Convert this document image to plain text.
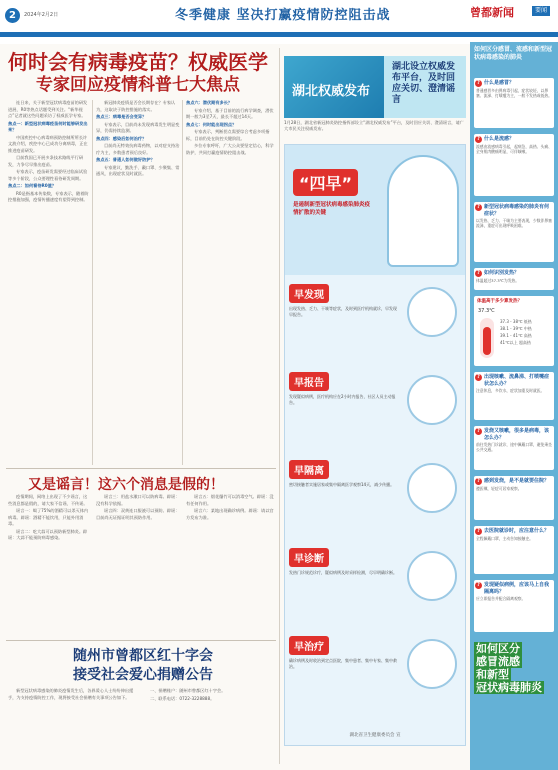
2	2024年2月2日	冬季健康 坚决打赢疫情防控阻击战	曾都新闻	要闻
何时会有病毒疫苗？权威医学
专家回应疫情科普七大焦点

连日来，关于新型冠状病毒疫苗的研发进展、R0等热点话题受到关注。“新华视点”记者就这些问题采访了权威医学专家。

焦点一：新型冠状病毒疫苗何时能够研发出来？

中国疾控中心病毒病预防控制所所长许文波介绍，疾控中心已成功分离病毒，正在推进疫苗研发。

目前我国已开展多条技术路线平行研发，力争尽早推出疫苗。

专家表示，疫苗研发需要经过临床试验等多个阶段，公众要理性看待研发周期。

焦点二：如何看待R0值？

R0是指基本传染数，专家表示，随着防控措施加强，疫情传播速度有望得到控制。

新冠肺炎疫情是否会长期存在？专家认为，这取决于防控措施的落实。

焦点三：病毒是否会变异？

专家表示，目前尚未发现病毒发生明显变异，仍需持续监测。

焦点四：感染后如何治疗？

目前尚无特效抗病毒药物，以对症支持治疗为主，多数患者预后良好。

焦点五：普通人如何做好防护？

专家建议，勤洗手、戴口罩、少聚集、常通风，出现症状及时就医。

焦点六：潜伏期有多长？

专家介绍，基于目前的流行病学调查，潜伏期一般为3至7天，最长不超过14天。

焦点七：何时能出现拐点？

专家表示，判断拐点需要综合考虑多项指标，目前仍处在防控关键阶段。

多位专家呼吁，广大公众要坚定信心，科学防护，共同打赢疫情防控阻击战。

又是谣言！这六个消息是假的！

疫情期间，网络上出现了不少谣言，这些消息都是假的，请大家不信谣、不传谣。

谣言一：喝了75%的酒精可以杀灭体内病毒。辟谣：酒精不能饮用，只能外用消毒。

谣言二：吃大蒜可以预防新型肺炎。辟谣：大蒜不能预防病毒感染。

谣言三：用盐水漱口可以防病毒。辟谣：没有科学依据。

谣言四：双黄连口服液可以预防。辟谣：目前尚无证据证明其预防作用。

谣言五：烟花爆竹可以消毒空气。辟谣：没有任何作用。

谣言六：某地出现确诊病例。辟谣：请以官方发布为准。

随州市曾都区红十字会
接受社会爱心捐赠公告

新型冠状病毒感染的肺炎疫情发生后，各界爱心人士纷纷伸出援手，为支持疫情防控工作，现将接受社会捐赠有关事项公告如下。

一、捐赠账户：随州市曾都区红十字会。

二、联系电话：0722-3228888。

湖北权威发布
湖北设立权威发布平台，及时回应关切、澄清谣言
1月28日，湖北省新冠肺炎防控指挥部设立“湖北权威发布”平台，及时回应关切、澄清谣言，请广大市民关注权威发布。
“四早”
是遏制新型冠状病毒感染肺炎疫情扩散的关键
早发现
出现发热、乏力、干咳等症状，及时到医疗机构就诊，早发现早报告。
早报告
发现疑似病例，医疗机构应在2小时内报告，社区人员主动报告。
早隔离
密切接触者实施居家或集中隔离医学观察14天，减少传播。
早诊断
发热门诊规范诊疗，疑似病例及时采样检测，尽早明确诊断。
早治疗
确诊病例及时收治到定点医院，集中患者、集中专家、集中救治。
湖北省卫生健康委员会 宣
如何区分感冒、流感和新型冠状病毒感染的肺炎
? 什么是感冒？
普通感冒多由鼻病毒引起，症状较轻，以鼻塞、流涕、打喷嚏为主，一般不发热或低热。
? 什么是流感？
流感由流感病毒引起，起病急，高热、头痛、全身肌肉酸痛明显，可伴咳嗽。
? 新型冠状病毒感染的肺炎有何症状？
以发热、乏力、干咳为主要表现，少数伴鼻塞流涕，重症可出现呼吸困难。
? 如何识别发热？
体温超过37.3℃为发热。
体温高于多少算发热？
37.3℃
37.3 - 38℃ 低热
38.1 - 39℃ 中热
39.1 - 41℃ 高热
41℃以上 超高热
? 出现咳嗽、流鼻涕、打喷嚏症状怎么办？
注意休息，多饮水，症状加重及时就医。
? 发烧又咳嗽，很多是病毒，该怎么办？
前往发热门诊就诊，途中佩戴口罩，避免乘坐公共交通。
? 感到发烧，是不是就要住院？
遵医嘱，轻症可居家观察。
? 去医院就诊时，应注意什么？
全程佩戴口罩，主动告知接触史。
? 发现疑似病例，应该马上自我隔离吗？
应立即报告并配合隔离观察。
如何区分
感冒流感
和新型
冠状病毒肺炎
